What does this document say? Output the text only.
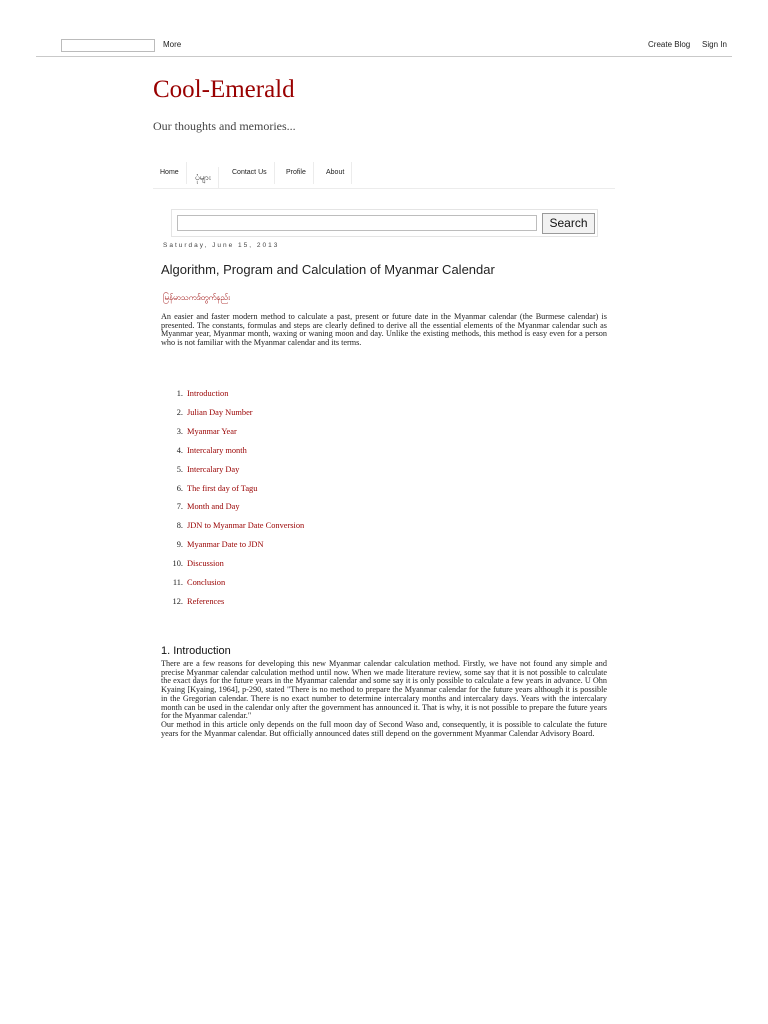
More	Create Blog Sign In
Cool-Emerald
Our thoughts and memories...
Home
ပုံများ
Contact Us	Profile	About
Search
Saturday, June 15, 2013
Algorithm, Program and Calculation of Myanmar Calendar
မြန်မာသကဒ်တွက်နည်း
An easier and faster modern method to calculate a past, present or future date in the Myanmar calendar (the Burmese calendar) is presented. The constants, formulas and steps are clearly defined to derive all the essential elements of the Myanmar calendar such as Myanmar year, Myanmar month, waxing or waning moon and day. Unlike the existing methods, this method is easy even for a person who is not familiar with the Myanmar calendar and its terms.
1. Introduction
2. Julian Day Number
3. Myanmar Year
4. Intercalary month
5. Intercalary Day
6. The first day of Tagu
7. Month and Day
8. JDN to Myanmar Date Conversion
9. Myanmar Date to JDN
10. Discussion
11. Conclusion
12. References
1. Introduction

There are a few reasons for developing this new Myanmar calendar calculation method. Firstly, we have not found any simple and precise Myanmar calendar calculation method until now. When we made literature review, some say that it is not possible to calculate the exact days for the future years in the Myanmar calendar and some say it is only possible to calculate a few years in advance. U Ohn Kyaing [Kyaing, 1964], p-290, stated "There is no method to prepare the Myanmar calendar for the future years although it is possible in the Gregorian calendar. There is no exact number to determine intercalary months and intercalary days. Years with the intercalary month can be used in the calendar only after the government has announced it. That is why, it is not possible to prepare the future years for the Myanmar calendar."

Our method in this article only depends on the full moon day of Second Waso and, consequently, it is possible to calculate the future years for the Myanmar calendar. But officially announced dates still depend on the government Myanmar Calendar Advisory Board.
